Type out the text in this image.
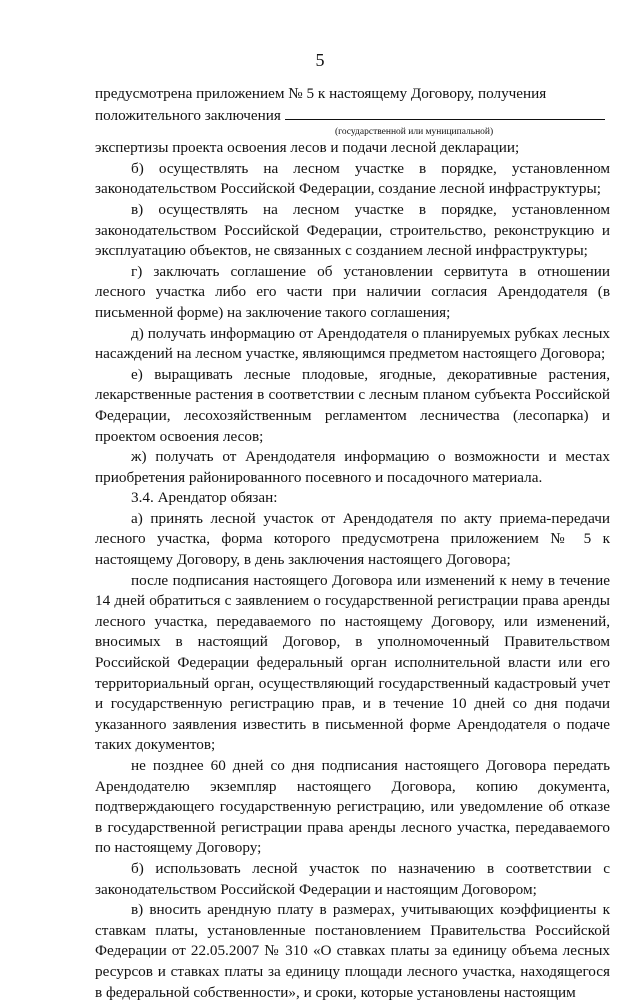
5

предусмотрена приложением № 5 к настоящему Договору, получения

положительного заключения

(государственной или муниципальной)

экспертизы проекта освоения лесов и подачи лесной декларации;

б) осуществлять на лесном участке в порядке, установленном законодательством Российской Федерации, создание лесной инфраструктуры;

в) осуществлять на лесном участке в порядке, установленном законодательством Российской Федерации, строительство, реконструкцию и эксплуатацию объектов, не связанных с созданием лесной инфраструктуры;

г) заключать соглашение об установлении сервитута в отношении лесного участка либо его части при наличии согласия Арендодателя (в письменной форме) на заключение такого соглашения;

д) получать информацию от Арендодателя о планируемых рубках лесных насаждений на лесном участке, являющимся предметом настоящего Договора;

е) выращивать лесные плодовые, ягодные, декоративные растения, лекарственные растения в соответствии с лесным планом субъекта Российской Федерации, лесохозяйственным регламентом лесничества (лесопарка) и проектом освоения лесов;

ж) получать от Арендодателя информацию о возможности и местах приобретения районированного посевного и посадочного материала.

3.4. Арендатор обязан:

а) принять лесной участок от Арендодателя по акту приема-передачи лесного участка, форма которого предусмотрена приложением № 5 к настоящему Договору, в день заключения настоящего Договора;

после подписания настоящего Договора или изменений к нему в течение 14 дней обратиться с заявлением о государственной регистрации права аренды лесного участка, передаваемого по настоящему Договору, или изменений, вносимых в настоящий Договор, в уполномоченный Правительством Российской Федерации федеральный орган исполнительной власти или его территориальный орган, осуществляющий государственный кадастровый учет и государственную регистрацию прав, и в течение 10 дней со дня подачи указанного заявления известить в письменной форме Арендодателя о подаче таких документов;

не позднее 60 дней со дня подписания настоящего Договора передать Арендодателю экземпляр настоящего Договора, копию документа, подтверждающего государственную регистрацию, или уведомление об отказе в государственной регистрации права аренды лесного участка, передаваемого по настоящему Договору;

б) использовать лесной участок по назначению в соответствии с законодательством Российской Федерации и настоящим Договором;

в) вносить арендную плату в размерах, учитывающих коэффициенты к ставкам платы, установленные постановлением Правительства Российской Федерации от 22.05.2007 № 310 «О ставках платы за единицу объема лесных ресурсов и ставках платы за единицу площади лесного участка, находящегося в федеральной собственности», и сроки, которые установлены настоящим
